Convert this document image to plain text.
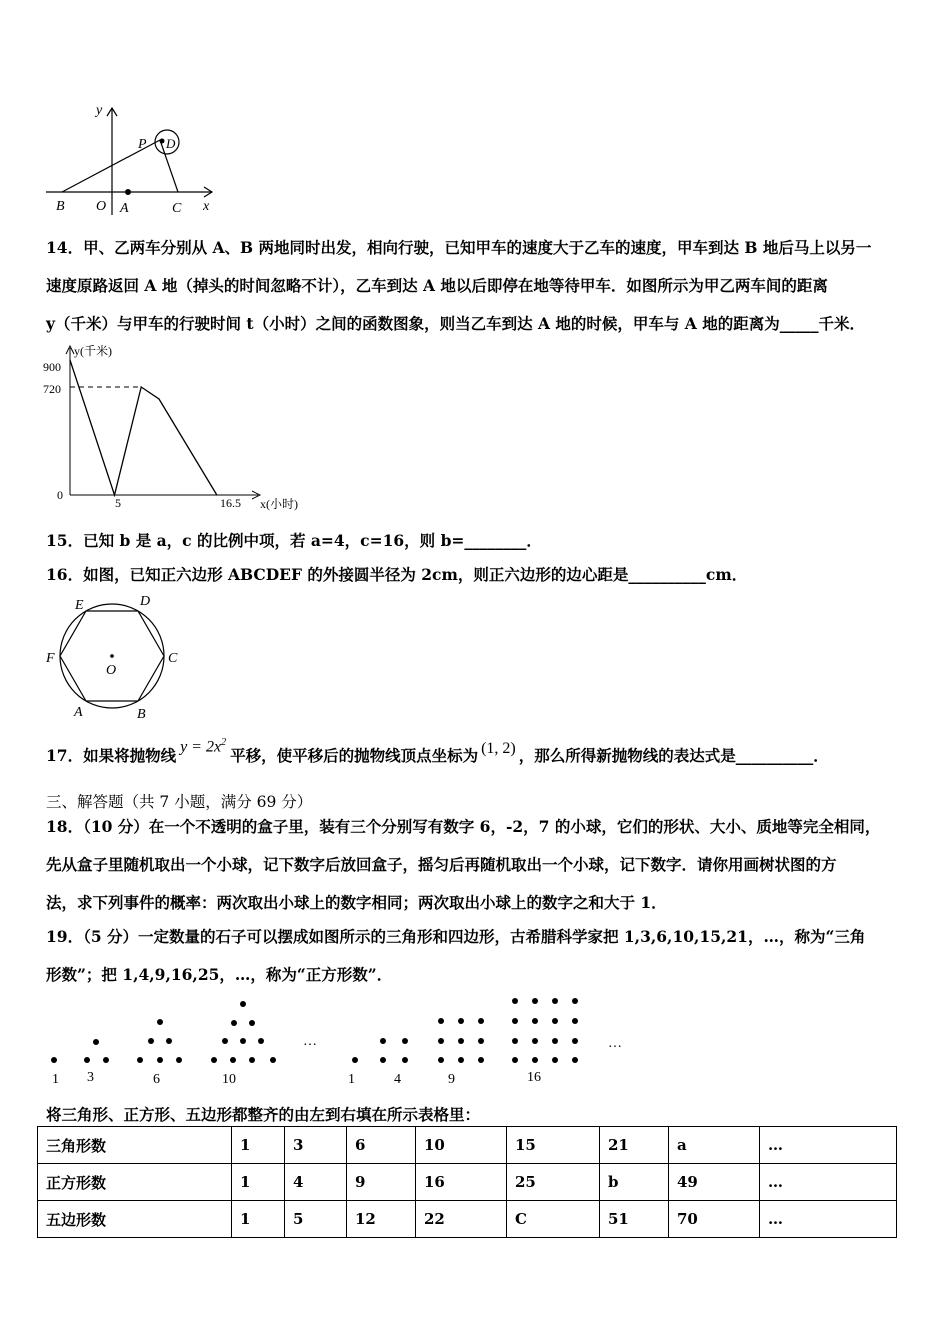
y
x
B O A	C
P D
14．甲、乙两车分别从 A、B 两地同时出发，相向行驶，已知甲车的速度大于乙车的速度，甲车到达 B 地后马上以另一
速度原路返回 A 地（掉头的时间忽略不计），乙车到达 A 地以后即停在地等待甲车．如图所示为甲乙两车间的距离
y（千米）与甲车的行驶时间 t（小时）之间的函数图象，则当乙车到达 A 地的时候，甲车与 A 地的距离为_____千米．
y(千米)
x(小时)
900
720
0
5	16.5
15．已知 b 是 a，c 的比例中项，若 a=4，c=16，则 b=________．
16．如图，已知正六边形 ABCDEF 的外接圆半径为 2cm，则正六边形的边心距是__________cm．
E	D
F	C
O
A	B
17．如果将抛物线 $y = 2x^2$平移，使平移后的抛物线顶点坐标为 (1, 2) ，那么所得新抛物线的表达式是__________．
三、解答题（共 7 小题，满分 69 分）
18．（10 分）在一个不透明的盒子里，装有三个分别写有数字 6，-2，7 的小球，它们的形状、大小、质地等完全相同，
先从盒子里随机取出一个小球，记下数字后放回盒子，摇匀后再随机取出一个小球，记下数字．请你用画树状图的方
法，求下列事件的概率：两次取出小球上的数字相同；两次取出小球上的数字之和大于 1．
19．（5 分）一定数量的石子可以摆成如图所示的三角形和四边形，古希腊科学家把 1,3,6,10,15,21，…，称为“三角
形数”；把 1,4,9,16,25，…，称为“正方形数”．
1 3	6	10
…
1	4	9	16
…
将三角形、正方形、五边形都整齐的由左到右填在所示表格里：
三角形数	1	3	6	10	15	21	a	…
正方形数	1	4	9	16	25	b	49	…
五边形数	1	5	12	22	C	51	70	…
